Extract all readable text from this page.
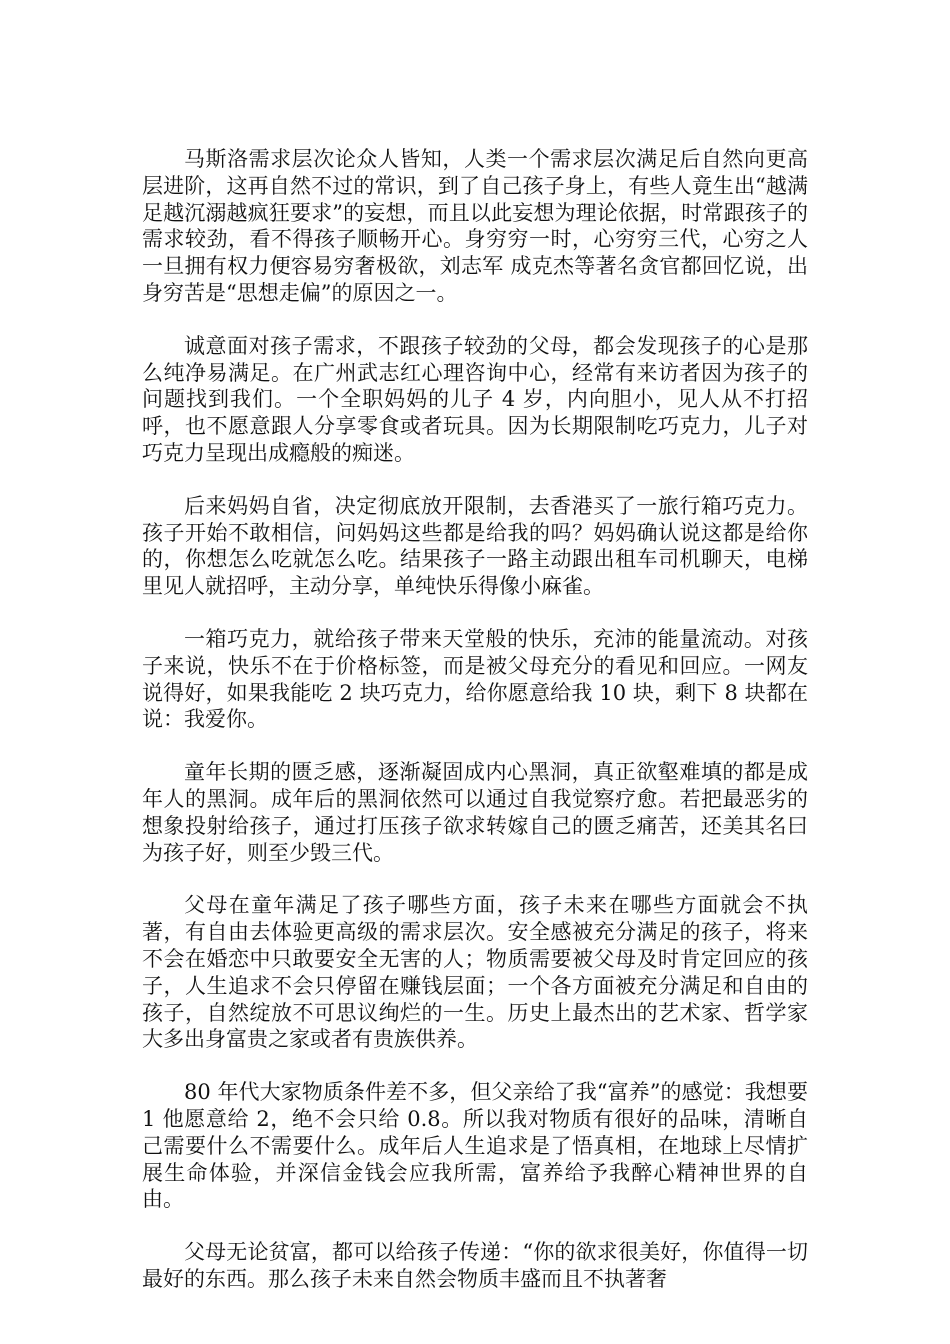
马斯洛需求层次论众人皆知，人类一个需求层次满足后自然向更高层进阶，这再自然不过的常识，到了自己孩子身上，有些人竟生出“越满足越沉溺越疯狂要求”的妄想，而且以此妄想为理论依据，时常跟孩子的需求较劲，看不得孩子顺畅开心。身穷穷一时，心穷穷三代，心穷之人一旦拥有权力便容易穷奢极欲，刘志军 成克杰等著名贪官都回忆说，出身穷苦是“思想走偏”的原因之一。

诚意面对孩子需求，不跟孩子较劲的父母，都会发现孩子的心是那么纯净易满足。在广州武志红心理咨询中心，经常有来访者因为孩子的问题找到我们。一个全职妈妈的儿子 4 岁，内向胆小，见人从不打招呼，也不愿意跟人分享零食或者玩具。因为长期限制吃巧克力，儿子对巧克力呈现出成瘾般的痴迷。

后来妈妈自省，决定彻底放开限制，去香港买了一旅行箱巧克力。孩子开始不敢相信，问妈妈这些都是给我的吗？妈妈确认说这都是给你的，你想怎么吃就怎么吃。结果孩子一路主动跟出租车司机聊天，电梯里见人就招呼，主动分享，单纯快乐得像小麻雀。

一箱巧克力，就给孩子带来天堂般的快乐，充沛的能量流动。对孩子来说，快乐不在于价格标签，而是被父母充分的看见和回应。一网友说得好，如果我能吃 2 块巧克力，给你愿意给我 10 块，剩下 8 块都在说：我爱你。

童年长期的匮乏感，逐渐凝固成内心黑洞，真正欲壑难填的都是成年人的黑洞。成年后的黑洞依然可以通过自我觉察疗愈。若把最恶劣的想象投射给孩子，通过打压孩子欲求转嫁自己的匮乏痛苦，还美其名曰为孩子好，则至少毁三代。

父母在童年满足了孩子哪些方面，孩子未来在哪些方面就会不执著，有自由去体验更高级的需求层次。安全感被充分满足的孩子，将来不会在婚恋中只敢要安全无害的人；物质需要被父母及时肯定回应的孩子，人生追求不会只停留在赚钱层面；一个各方面被充分满足和自由的孩子，自然绽放不可思议绚烂的一生。历史上最杰出的艺术家、哲学家大多出身富贵之家或者有贵族供养。

80 年代大家物质条件差不多，但父亲给了我“富养”的感觉：我想要 1 他愿意给 2，绝不会只给 0.8。所以我对物质有很好的品味，清晰自己需要什么不需要什么。成年后人生追求是了悟真相，在地球上尽情扩展生命体验，并深信金钱会应我所需，富养给予我醉心精神世界的自由。

父母无论贫富，都可以给孩子传递：“你的欲求很美好，你值得一切最好的东西。那么孩子未来自然会物质丰盛而且不执著奢
